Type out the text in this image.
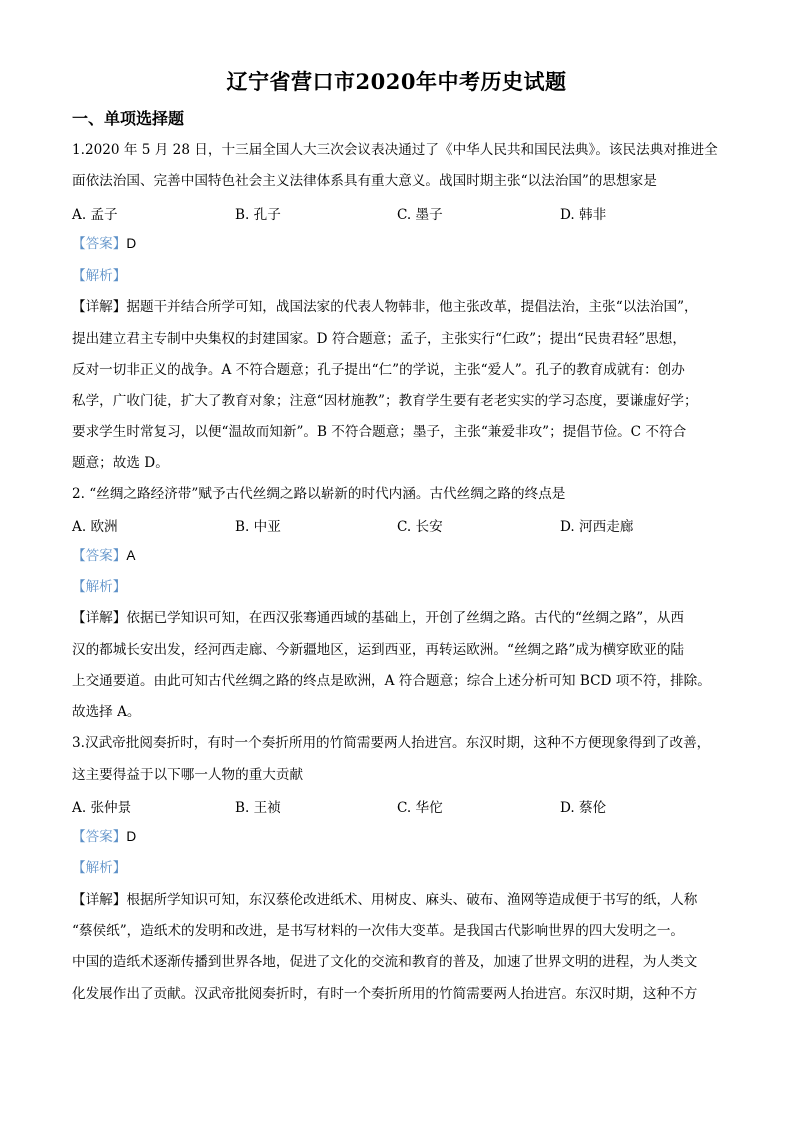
辽宁省营口市2020年中考历史试题
一、单项选择题
1.2020 年 5 月 28 日，十三届全国人大三次会议表决通过了《中华人民共和国民法典》。该民法典对推进全
面依法治国、完善中国特色社会主义法律体系具有重大意义。战国时期主张“以法治国”的思想家是
A. 孟子	B. 孔子	C. 墨子	D. 韩非
【答案】D
【解析】
【详解】据题干并结合所学可知，战国法家的代表人物韩非，他主张改革，提倡法治，主张“以法治国”，
提出建立君主专制中央集权的封建国家。D 符合题意；孟子，主张实行“仁政”；提出“民贵君轻”思想，
反对一切非正义的战争。A 不符合题意；孔子提出“仁”的学说，主张“爱人”。孔子的教育成就有：创办
私学，广收门徒，扩大了教育对象；注意“因材施教”；教育学生要有老老实实的学习态度，要谦虚好学；
要求学生时常复习，以便“温故而知新”。B 不符合题意；墨子，主张“兼爱非攻”；提倡节俭。C 不符合
题意；故选 D。
2. “丝绸之路经济带”赋予古代丝绸之路以崭新的时代内涵。古代丝绸之路的终点是
A. 欧洲	B. 中亚	C. 长安	D. 河西走廊
【答案】A
【解析】
【详解】依据已学知识可知，在西汉张骞通西域的基础上，开创了丝绸之路。古代的“丝绸之路”，从西
汉的都城长安出发，经河西走廊、今新疆地区，运到西亚，再转运欧洲。“丝绸之路”成为横穿欧亚的陆
上交通要道。由此可知古代丝绸之路的终点是欧洲，A 符合题意；综合上述分析可知 BCD 项不符，排除。
故选择 A。
3.汉武帝批阅奏折时，有时一个奏折所用的竹简需要两人抬进宫。东汉时期，这种不方便现象得到了改善，
这主要得益于以下哪一人物的重大贡献
A. 张仲景	B. 王祯	C. 华佗	D. 蔡伦
【答案】D
【解析】
【详解】根据所学知识可知，东汉蔡伦改进纸术、用树皮、麻头、破布、渔网等造成便于书写的纸，人称
“蔡侯纸”，造纸术的发明和改进，是书写材料的一次伟大变革。是我国古代影响世界的四大发明之一。
中国的造纸术逐渐传播到世界各地，促进了文化的交流和教育的普及，加速了世界文明的进程，为人类文
化发展作出了贡献。汉武帝批阅奏折时，有时一个奏折所用的竹简需要两人抬进宫。东汉时期，这种不方
